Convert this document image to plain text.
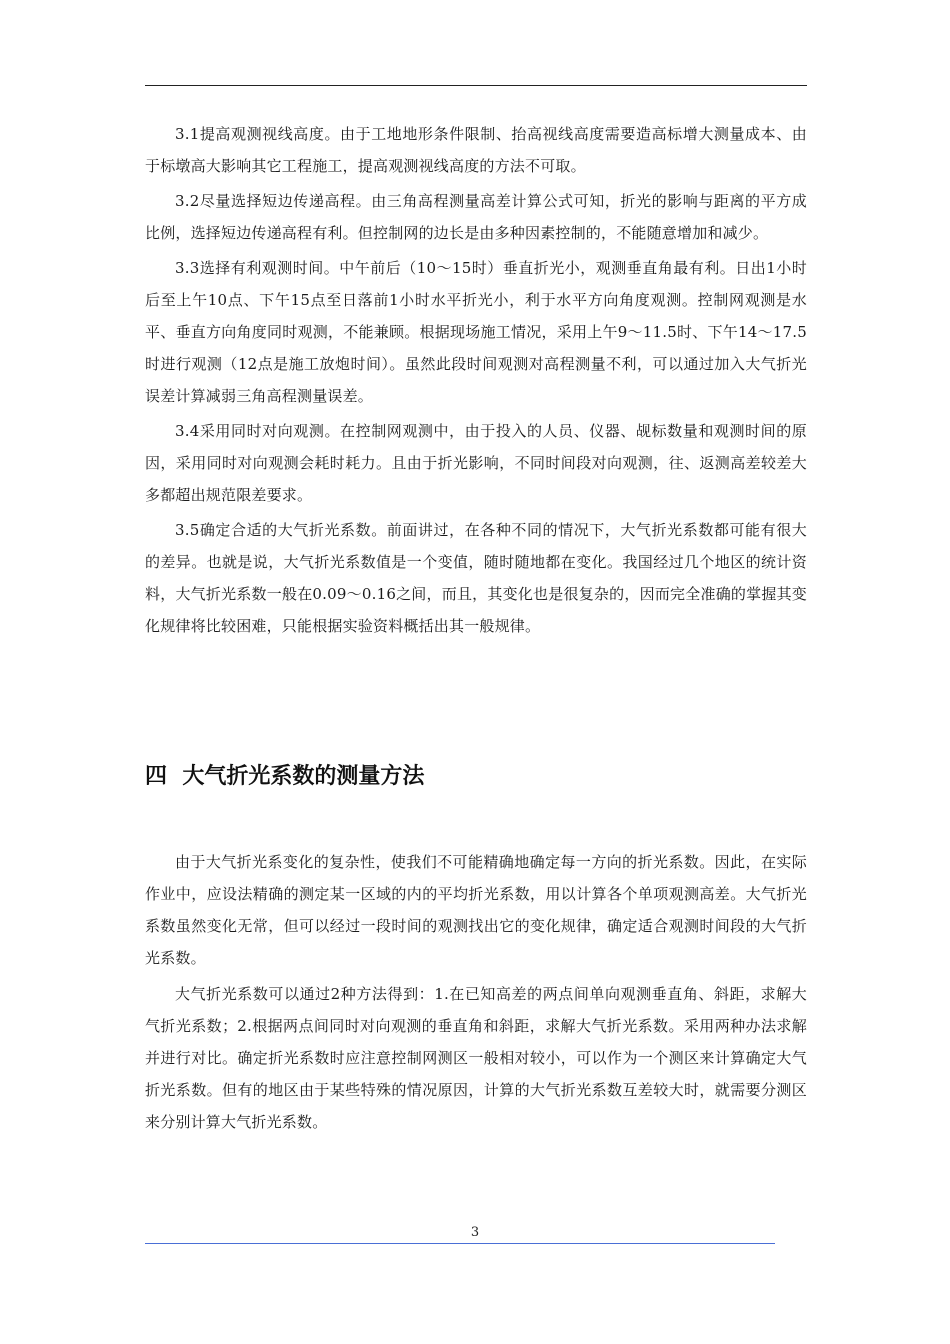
3.1提高观测视线高度。由于工地地形条件限制、抬高视线高度需要造高标增大测量成本、由于标墩高大影响其它工程施工，提高观测视线高度的方法不可取。

3.2尽量选择短边传递高程。由三角高程测量高差计算公式可知，折光的影响与距离的平方成比例，选择短边传递高程有利。但控制网的边长是由多种因素控制的，不能随意增加和减少。

3.3选择有利观测时间。中午前后（10～15时）垂直折光小，观测垂直角最有利。日出1小时后至上午10点、下午15点至日落前1小时水平折光小，利于水平方向角度观测。控制网观测是水平、垂直方向角度同时观测，不能兼顾。根据现场施工情况，采用上午9～11.5时、下午14～17.5时进行观测（12点是施工放炮时间）。虽然此段时间观测对高程测量不利，可以通过加入大气折光误差计算减弱三角高程测量误差。

3.4采用同时对向观测。在控制网观测中，由于投入的人员、仪器、觇标数量和观测时间的原因，采用同时对向观测会耗时耗力。且由于折光影响，不同时间段对向观测，往、返测高差较差大多都超出规范限差要求。

3.5确定合适的大气折光系数。前面讲过，在各种不同的情况下，大气折光系数都可能有很大的差异。也就是说，大气折光系数值是一个变值，随时随地都在变化。我国经过几个地区的统计资料，大气折光系数一般在0.09～0.16之间，而且，其变化也是很复杂的，因而完全准确的掌握其变化规律将比较困难，只能根据实验资料概括出其一般规律。

四  大气折光系数的测量方法

由于大气折光系变化的复杂性，使我们不可能精确地确定每一方向的折光系数。因此，在实际作业中，应设法精确的测定某一区域的内的平均折光系数，用以计算各个单项观测高差。大气折光系数虽然变化无常，但可以经过一段时间的观测找出它的变化规律，确定适合观测时间段的大气折光系数。

大气折光系数可以通过2种方法得到：1.在已知高差的两点间单向观测垂直角、斜距，求解大气折光系数；2.根据两点间同时对向观测的垂直角和斜距，求解大气折光系数。采用两种办法求解并进行对比。确定折光系数时应注意控制网测区一般相对较小，可以作为一个测区来计算确定大气折光系数。但有的地区由于某些特殊的情况原因，计算的大气折光系数互差较大时，就需要分测区来分别计算大气折光系数。

3
